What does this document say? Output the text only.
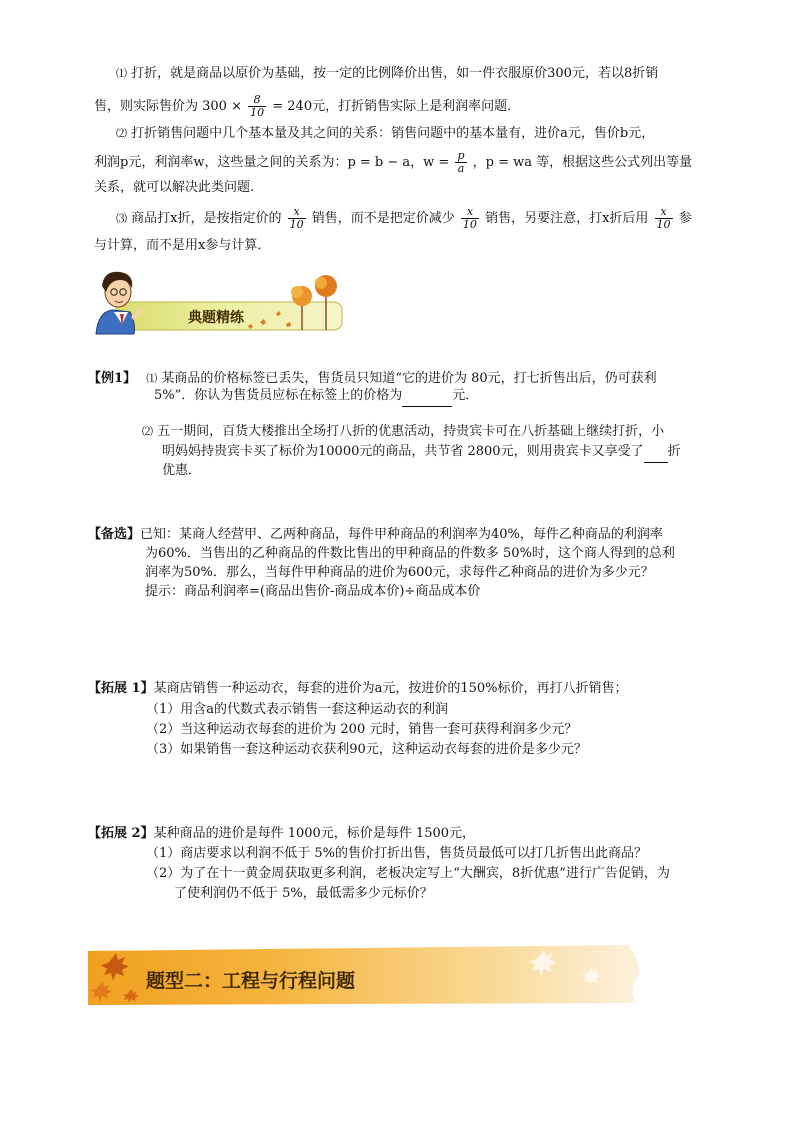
⑴ 打折，就是商品以原价为基础，按一定的比例降价出售，如一件衣服原价300元，若以8折销
售，则实际售价为 $300 \times \frac{8}{10} = 240$元，打折销售实际上是利润率问题．
⑵ 打折销售问题中几个基本量及其之间的关系：销售问题中的基本量有，进价a元，售价b元，
利润p元，利润率w，这些量之间的关系为：p = b − a，$w = \frac{p}{a}$ ，p = wa 等，根据这些公式列出等量
关系，就可以解决此类问题.
⑶ 商品打x折，是按指定价的 $\frac{x}{10}$ 销售，而不是把定价减少 $\frac{x}{10}$ 销售，另要注意，打x折后用 $\frac{x}{10}$ 参
与计算，而不是用x参与计算．
典题精练
【例1】 ⑴ 某商品的价格标签已丢失，售货员只知道“它的进价为 80元，打七折售出后，仍可获利
5%”．你认为售货员应标在标签上的价格为	元．
⑵ 五一期间，百货大楼推出全场打八折的优惠活动，持贵宾卡可在八折基础上继续打折，小
明妈妈持贵宾卡买了标价为10000元的商品，共节省 2800元，则用贵宾卡又享受了 折
优惠．
【备选】已知：某商人经营甲、乙两种商品，每件甲种商品的利润率为40%，每件乙种商品的利润率
为60%．当售出的乙种商品的件数比售出的甲种商品的件数多 50%时，这个商人得到的总利
润率为50%．那么，当每件甲种商品的进价为600元，求每件乙种商品的进价为多少元？
提示：商品利润率=(商品出售价-商品成本价)÷商品成本价
【拓展 1】某商店销售一种运动衣，每套的进价为a元，按进价的150%标价，再打八折销售；
（1）用含a的代数式表示销售一套这种运动衣的利润
（2）当这种运动衣每套的进价为 200 元时，销售一套可获得利润多少元？
（3）如果销售一套这种运动衣获利90元，这种运动衣每套的进价是多少元？
【拓展 2】某种商品的进价是每件 1000元，标价是每件 1500元，
（1）商店要求以利润不低于 5%的售价打折出售，售货员最低可以打几折售出此商品？
（2）为了在十一黄金周获取更多利润，老板决定写上“大酬宾，8折优惠”进行广告促销，为
了使利润仍不低于 5%，最低需多少元标价？
题型二：工程与行程问题
